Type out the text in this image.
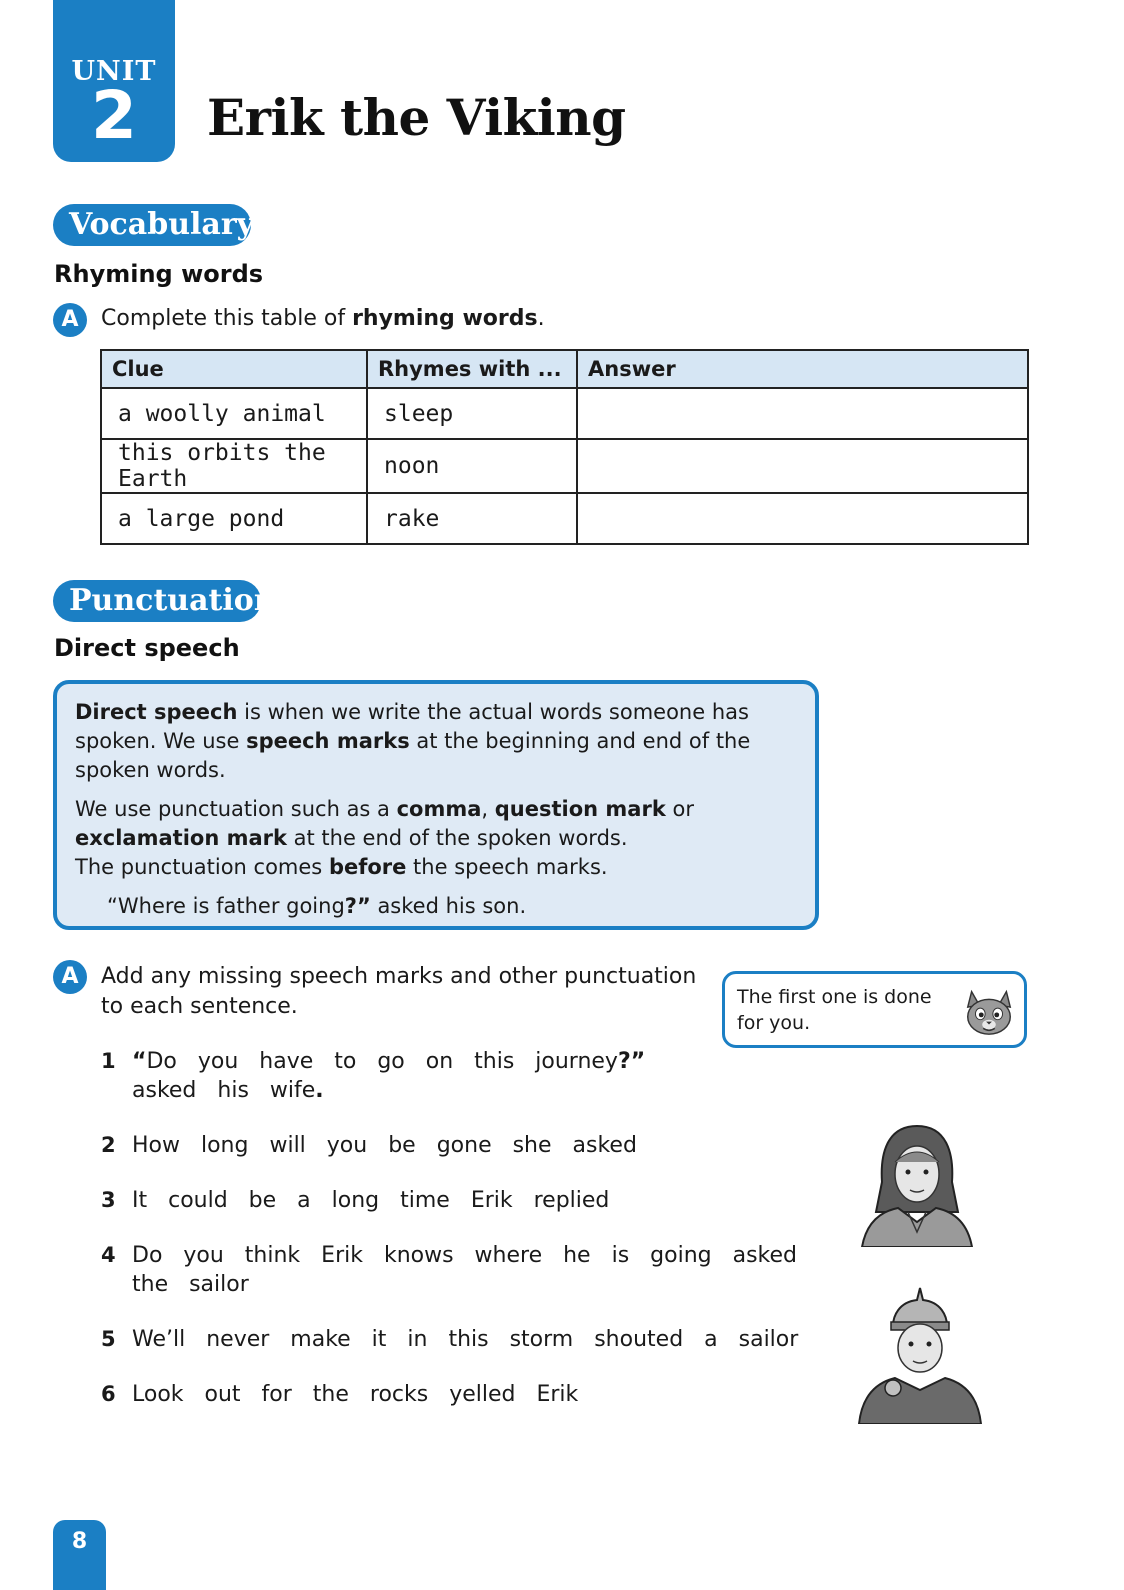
UNIT
2	Erik the Viking
Vocabulary
Rhyming words
A	Complete this table of rhyming words.
Clue	Rhymes with ...	Answer
a woolly animal	sleep	
this orbits the Earth	noon	
a large pond	rake	
Punctuation
Direct speech

Direct speech is when we write the actual words someone has spoken. We use speech marks at the beginning and end of the spoken words.

We use punctuation such as a comma, question mark or exclamation mark at the end of the spoken words.
The punctuation comes before the speech marks.

“Where is father going?” asked his son.

A	Add any missing speech marks and other punctuation to each sentence.	The first one is done for you.
1 “Do you have to go on this journey?” asked his wife.
2 How long will you be gone she asked
3 It could be a long time Erik replied
4 Do you think Erik knows where he is going asked the sailor
5 We’ll never make it in this storm shouted a sailor
6 Look out for the rocks yelled Erik
8
